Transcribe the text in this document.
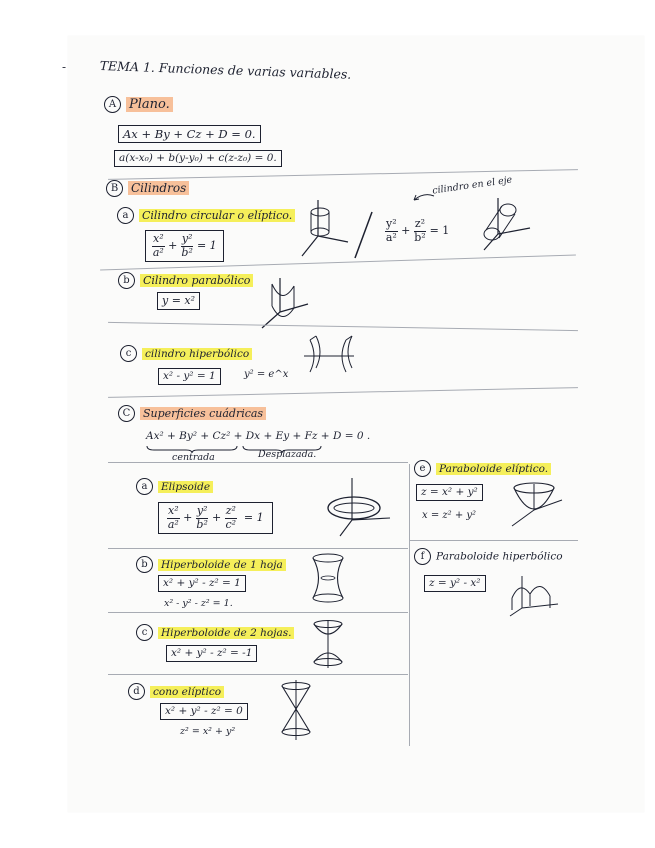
-	TEMA 1. Funciones de varias variables.
A Plano.
Ax + By + Cz + D = 0.
a(x-x₀) + b(y-y₀) + c(z-z₀) = 0.
B Cilindros
a Cilindro circular o elíptico.
$\frac{\text{x²}}{\text{a²}} + \frac{\text{y²}}{\text{b²}} = 1$
cilindro en el eje
$\frac{\text{y²}}{\text{a²}} + \frac{\text{z²}}{\text{b²}} = 1$
b Cilindro parabólico
y = x²
c cilindro hiperbólico
x² - y² = 1	y² = e^x
C Superficies cuádricas
Ax² + By² + Cz² + Dx + Ey + Fz + D = 0 .
centrada	Desplazada.
a Elipsoide
$\frac{\text{x²}}{\text{a²}} + \frac{\text{y²}}{\text{b²}} + \frac{\text{z²}}{\text{c²}} = 1$
e Paraboloide elíptico.
z = x² + y²
x = z² + y²
b Hiperboloide de 1 hoja
x² + y² - z² = 1
x² - y² - z² = 1.
f Paraboloide hiperbólico
z = y² - x²
c Hiperboloide de 2 hojas.
x² + y² - z² = -1
d cono elíptico
x² + y² - z² = 0
z² = x² + y²
